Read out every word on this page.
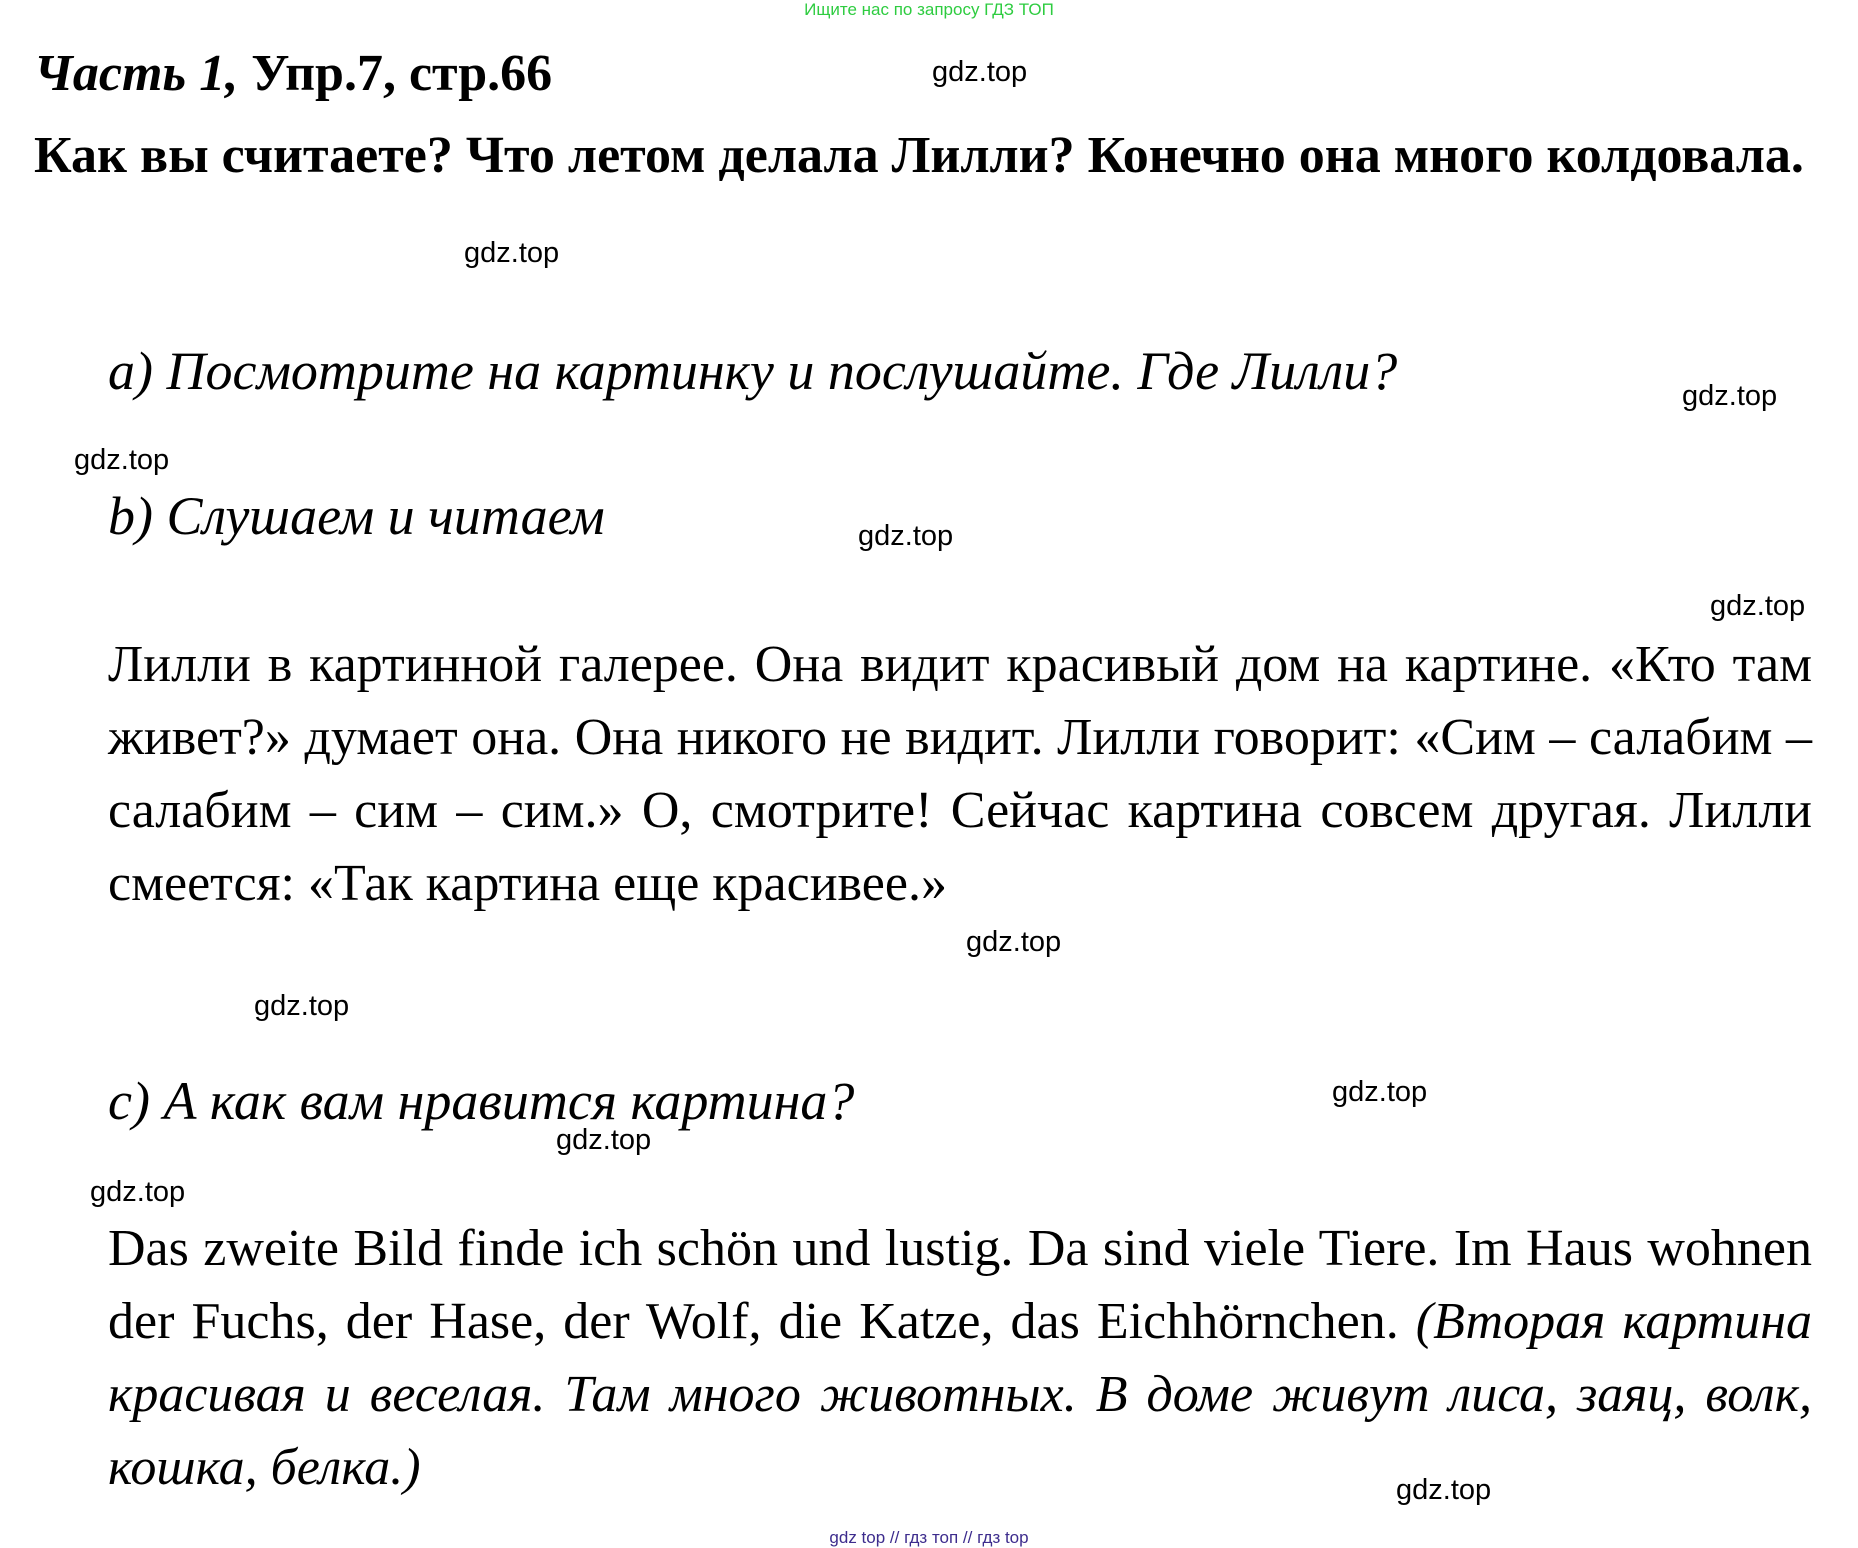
Ищите нас по запросу ГДЗ ТОП
Часть 1, Упр.7, стр.66
Как вы считаете? Что летом делала Лилли? Конечно она много колдовала.
a) Посмотрите на картинку и послушайте. Где Лилли?
b) Слушаем и читаем
Лилли в картинной галерее. Она видит красивый дом на картине. «Кто там живет?» думает она. Она никого не видит. Лилли говорит: «Сим – салабим – салабим – сим – сим.» О, смотрите! Сейчас картина совсем другая. Лилли смеется: «Так картина еще красивее.»
c) А как вам нравится картина?
Das zweite Bild finde ich schön und lustig. Da sind viele Tiere. Im Haus wohnen der Fuchs, der Hase, der Wolf, die Katze, das Eichhörnchen. (Вторая картина красивая и веселая. Там много животных. В доме живут лиса, заяц, волк, кошка, белка.)
gdz.top
gdz.top
gdz.top
gdz.top
gdz.top
gdz.top
gdz.top
gdz.top
gdz.top
gdz.top
gdz.top
gdz.top
gdz top // гдз топ // гдз top
